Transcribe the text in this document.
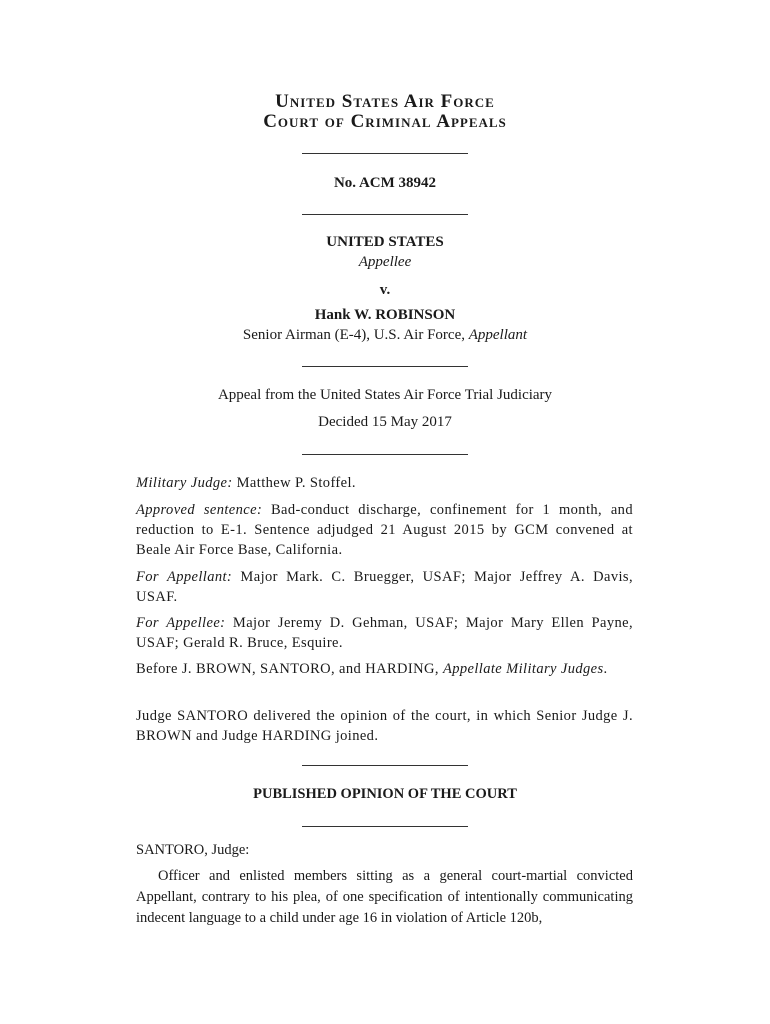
United States Air Force
Court of Criminal Appeals
No. ACM 38942
UNITED STATES
Appellee
v.
Hank W. ROBINSON
Senior Airman (E-4), U.S. Air Force, Appellant
Appeal from the United States Air Force Trial Judiciary
Decided 15 May 2017
Military Judge: Matthew P. Stoffel.
Approved sentence: Bad-conduct discharge, confinement for 1 month, and reduction to E-1. Sentence adjudged 21 August 2015 by GCM convened at Beale Air Force Base, California.
For Appellant: Major Mark. C. Bruegger, USAF; Major Jeffrey A. Davis, USAF.
For Appellee: Major Jeremy D. Gehman, USAF; Major Mary Ellen Payne, USAF; Gerald R. Bruce, Esquire.
Before J. BROWN, SANTORO, and HARDING, Appellate Military Judges.
Judge SANTORO delivered the opinion of the court, in which Senior Judge J. BROWN and Judge HARDING joined.
PUBLISHED OPINION OF THE COURT
SANTORO, Judge:
Officer and enlisted members sitting as a general court-martial convicted Appellant, contrary to his plea, of one specification of intentionally communicating indecent language to a child under age 16 in violation of Article 120b,
